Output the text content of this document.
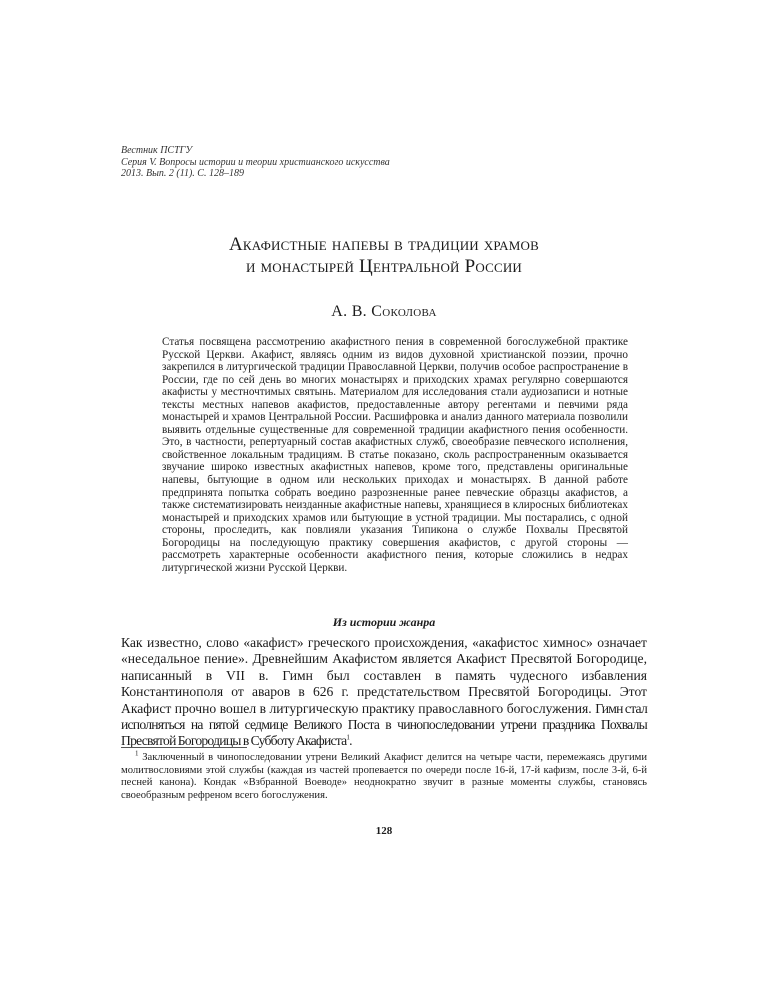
Вестник ПСТГУ
Серия V. Вопросы истории и теории христианского искусства
2013. Вып. 2 (11). С. 128–189
Акафистные напевы в традиции храмов
и монастырей Центральной России
А. В. Соколова
Статья посвящена рассмотрению акафистного пения в современной богослужебной практике Русской Церкви. Акафист, являясь одним из видов духовной христианской поэзии, прочно закрепился в литургической традиции Православной Церкви, получив особое распространение в России, где по сей день во многих монастырях и приходских храмах регулярно совершаются акафисты у местночтимых святынь. Материалом для исследования стали аудиозаписи и нотные тексты местных напевов акафистов, предоставленные автору регентами и певчими ряда монастырей и храмов Центральной России. Расшифровка и анализ данного материала позволили выявить отдельные существенные для современной традиции акафистного пения особенности. Это, в частности, репертуарный состав акафистных служб, своеобразие певческого исполнения, свойственное локальным традициям. В статье показано, сколь распространенным оказывается звучание широко известных акафистных напевов, кроме того, представлены оригинальные напевы, бытующие в одном или нескольких приходах и монастырях. В данной работе предпринята попытка собрать воедино разрозненные ранее певческие образцы акафистов, а также систематизировать неизданные акафистные напевы, хранящиеся в клиросных библиотеках монастырей и приходских храмов или бытующие в устной традиции. Мы постарались, с одной стороны, проследить, как повлияли указания Типикона о службе Похвалы Пресвятой Богородицы на последующую практику совершения акафистов, с другой стороны — рассмотреть характерные особенности акафистного пения, которые сложились в недрах литургической жизни Русской Церкви.
Из истории жанра
Как известно, слово «акафист» греческого происхождения, «акафистос химнос» означает «неседальное пение». Древнейшим Акафистом является Акафист Пресвятой Богородице, написанный в VII в. Гимн был составлен в память чудесного избавления Константинополя от аваров в 626 г. предстательством Пресвятой Богородицы. Этот Акафист прочно вошел в литургическую практику православного богослужения. Гимн стал исполняться на пятой седмице Великого Поста в чинопоследовании утрени праздника Похвалы Пресвятой Богородицы в Субботу Акафиста$^1$.
$^1$ Заключенный в чинопоследовании утрени Великий Акафист делится на четыре части, перемежаясь другими молитвословиями этой службы (каждая из частей пропевается по очереди после 16-й, 17-й кафизм, после 3-й, 6-й песней канона). Кондак «Взбранной Воеводе» неоднократно звучит в разные моменты службы, становясь своеобразным рефреном всего богослужения.
128
